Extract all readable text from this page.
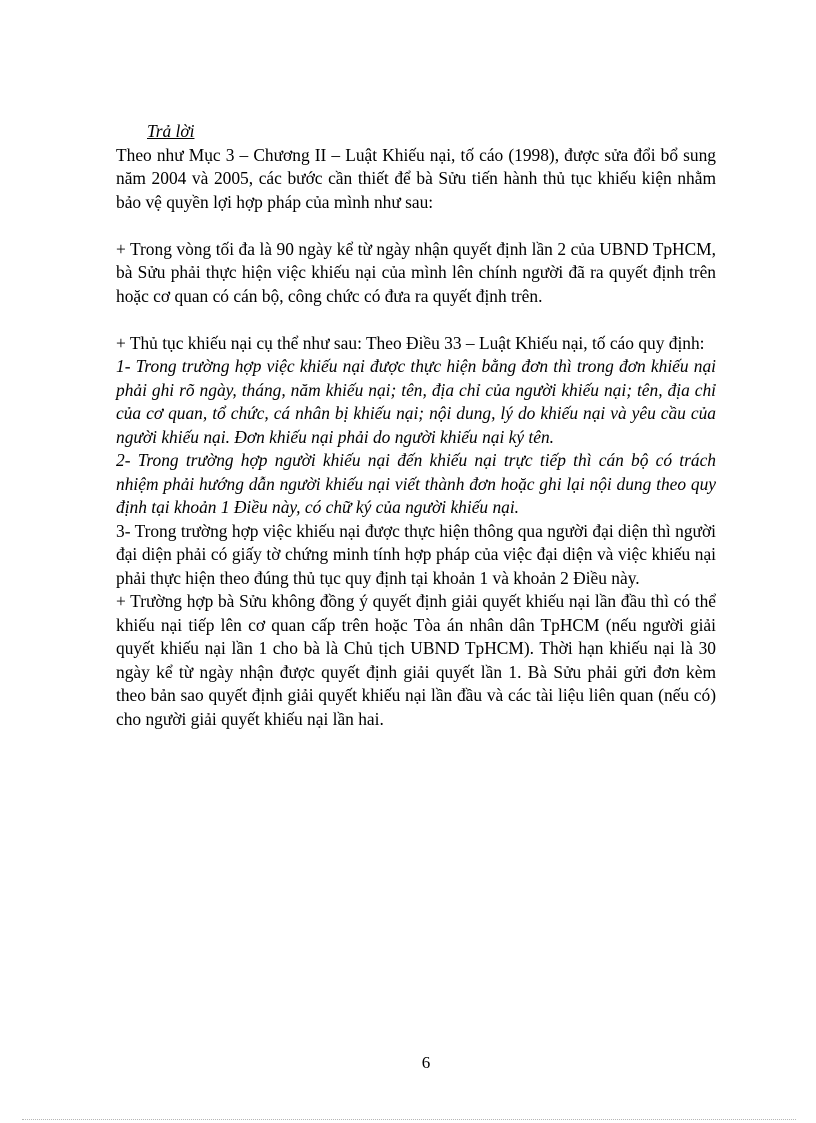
Trả lời

Theo như Mục 3 – Chương II – Luật Khiếu nại, tố cáo (1998), được sửa đổi bổ sung năm 2004 và 2005, các bước cần thiết để bà Sửu tiến hành thủ tục khiếu kiện nhằm bảo vệ quyền lợi hợp pháp của mình như sau:

+ Trong vòng tối đa là 90 ngày kể từ ngày nhận quyết định lần 2 của UBND TpHCM, bà Sửu phải thực hiện việc khiếu nại của mình lên chính người đã ra quyết định trên hoặc cơ quan có cán bộ, công chức có đưa ra quyết định trên.

+ Thủ tục khiếu nại cụ thể như sau: Theo Điều 33 – Luật Khiếu nại, tố cáo quy định:

1- Trong trường hợp việc khiếu nại được thực hiện bằng đơn thì trong đơn khiếu nại phải ghi rõ ngày, tháng, năm khiếu nại; tên, địa chỉ của người khiếu nại; tên, địa chỉ của cơ quan, tổ chức, cá nhân bị khiếu nại; nội dung, lý do khiếu nại và yêu cầu của người khiếu nại. Đơn khiếu nại phải do người khiếu nại ký tên.

2- Trong trường hợp người khiếu nại đến khiếu nại trực tiếp thì cán bộ có trách nhiệm phải hướng dẫn người khiếu nại viết thành đơn hoặc ghi lại nội dung theo quy định tại khoản 1 Điều này, có chữ ký của người khiếu nại.

3- Trong trường hợp việc khiếu nại được thực hiện thông qua người đại diện thì người đại diện phải có giấy tờ chứng minh tính hợp pháp của việc đại diện và việc khiếu nại phải thực hiện theo đúng thủ tục quy định tại khoản 1 và khoản 2 Điều này.

+ Trường hợp bà Sửu không đồng ý quyết định giải quyết khiếu nại lần đầu thì có thể khiếu nại tiếp lên cơ quan cấp trên hoặc Tòa án nhân dân TpHCM (nếu người giải quyết khiếu nại lần 1 cho bà là Chủ tịch UBND TpHCM). Thời hạn khiếu nại là 30 ngày kể từ ngày nhận được quyết định giải quyết lần 1. Bà Sửu phải gửi đơn kèm theo bản sao quyết định giải quyết khiếu nại lần đầu và các tài liệu liên quan (nếu có) cho người giải quyết khiếu nại lần hai.

6
